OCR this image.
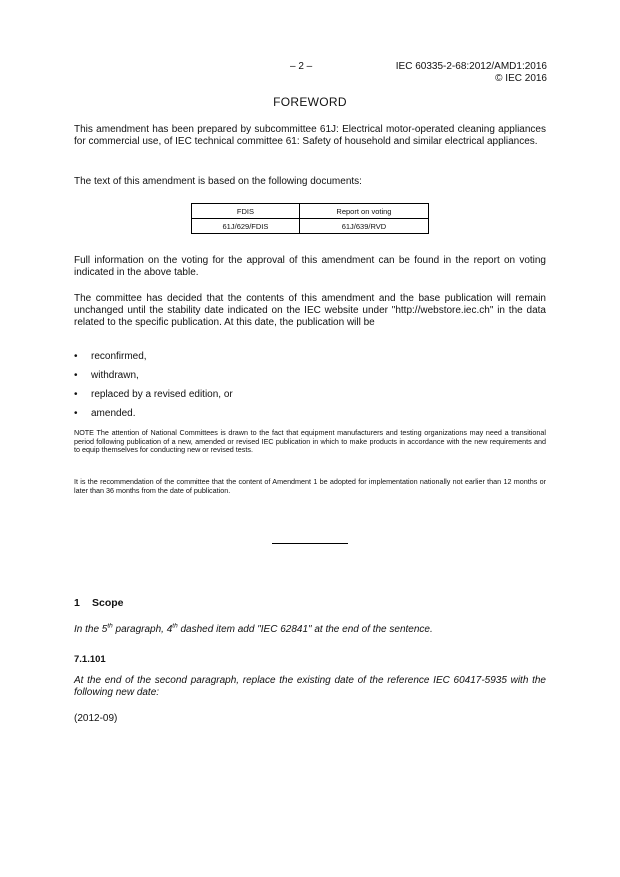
– 2 –	IEC 60335-2-68:2012/AMD1:2016
© IEC 2016
FOREWORD
This amendment has been prepared by subcommittee 61J: Electrical motor-operated cleaning appliances for commercial use, of IEC technical committee 61: Safety of household and similar electrical appliances.
The text of this amendment is based on the following documents:
FDIS	Report on voting
61J/629/FDIS	61J/639/RVD
Full information on the voting for the approval of this amendment can be found in the report on voting indicated in the above table.
The committee has decided that the contents of this amendment and the base publication will remain unchanged until the stability date indicated on the IEC website under "http://webstore.iec.ch" in the data related to the specific publication. At this date, the publication will be
• reconfirmed,
• withdrawn,
• replaced by a revised edition, or
• amended.
NOTE The attention of National Committees is drawn to the fact that equipment manufacturers and testing organizations may need a transitional period following publication of a new, amended or revised IEC publication in which to make products in accordance with the new requirements and to equip themselves for conducting new or revised tests.
It is the recommendation of the committee that the content of Amendment 1 be adopted for implementation nationally not earlier than 12 months or later than 36 months from the date of publication.
1 Scope
In the 5th paragraph, 4th dashed item add "IEC 62841" at the end of the sentence.
7.1.101
At the end of the second paragraph, replace the existing date of the reference IEC 60417-5935 with the following new date:
(2012-09)
